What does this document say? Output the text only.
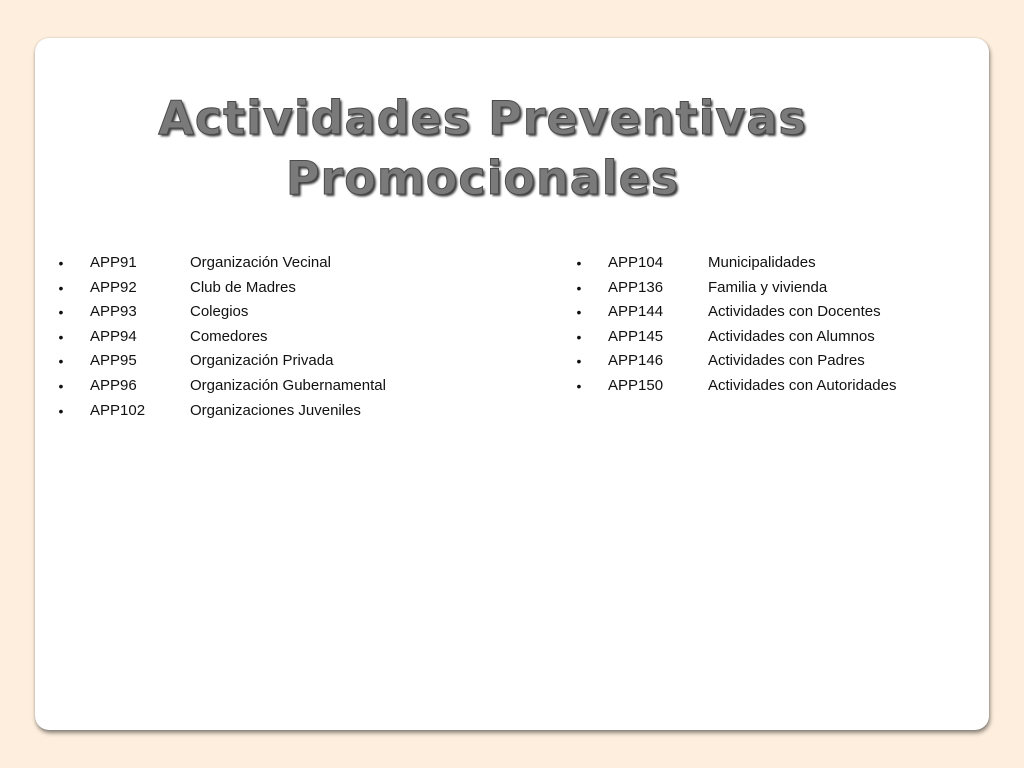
Actividades Preventivas
Promocionales
• APP91	Organización Vecinal
• APP92	Club de Madres
• APP93	Colegios
• APP94	Comedores
• APP95	Organización Privada
• APP96	Organización Gubernamental
• APP102	Organizaciones Juveniles
• APP104	Municipalidades
• APP136	Familia y vivienda
• APP144	Actividades con Docentes
• APP145	Actividades con Alumnos
• APP146	Actividades con Padres
• APP150	Actividades con Autoridades
